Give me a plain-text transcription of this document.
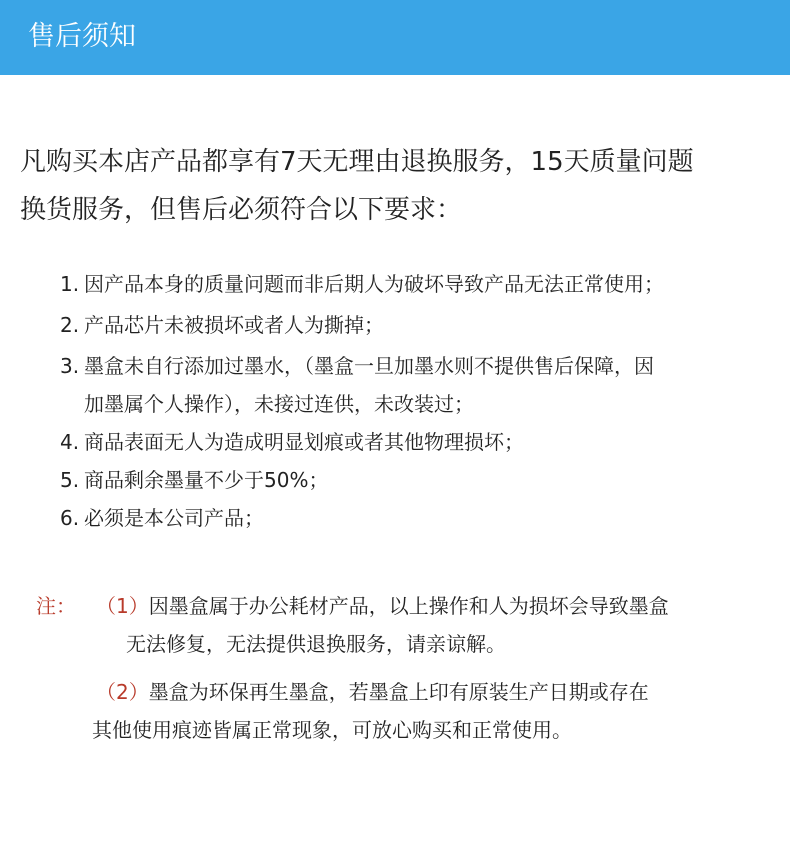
售后须知
凡购买本店产品都享有7天无理由退换服务，15天质量问题
换货服务，但售后必须符合以下要求：
1. 因产品本身的质量问题而非后期人为破坏导致产品无法正常使用；
2. 产品芯片未被损坏或者人为撕掉；
3. 墨盒未自行添加过墨水，（墨盒一旦加墨水则不提供售后保障，因
加墨属个人操作），未接过连供，未改装过；
4. 商品表面无人为造成明显划痕或者其他物理损坏；
5. 商品剩余墨量不少于50%；
6. 必须是本公司产品；
注： （1）因墨盒属于办公耗材产品，以上操作和人为损坏会导致墨盒
无法修复，无法提供退换服务，请亲谅解。
（2）墨盒为环保再生墨盒，若墨盒上印有原装生产日期或存在
其他使用痕迹皆属正常现象，可放心购买和正常使用。
